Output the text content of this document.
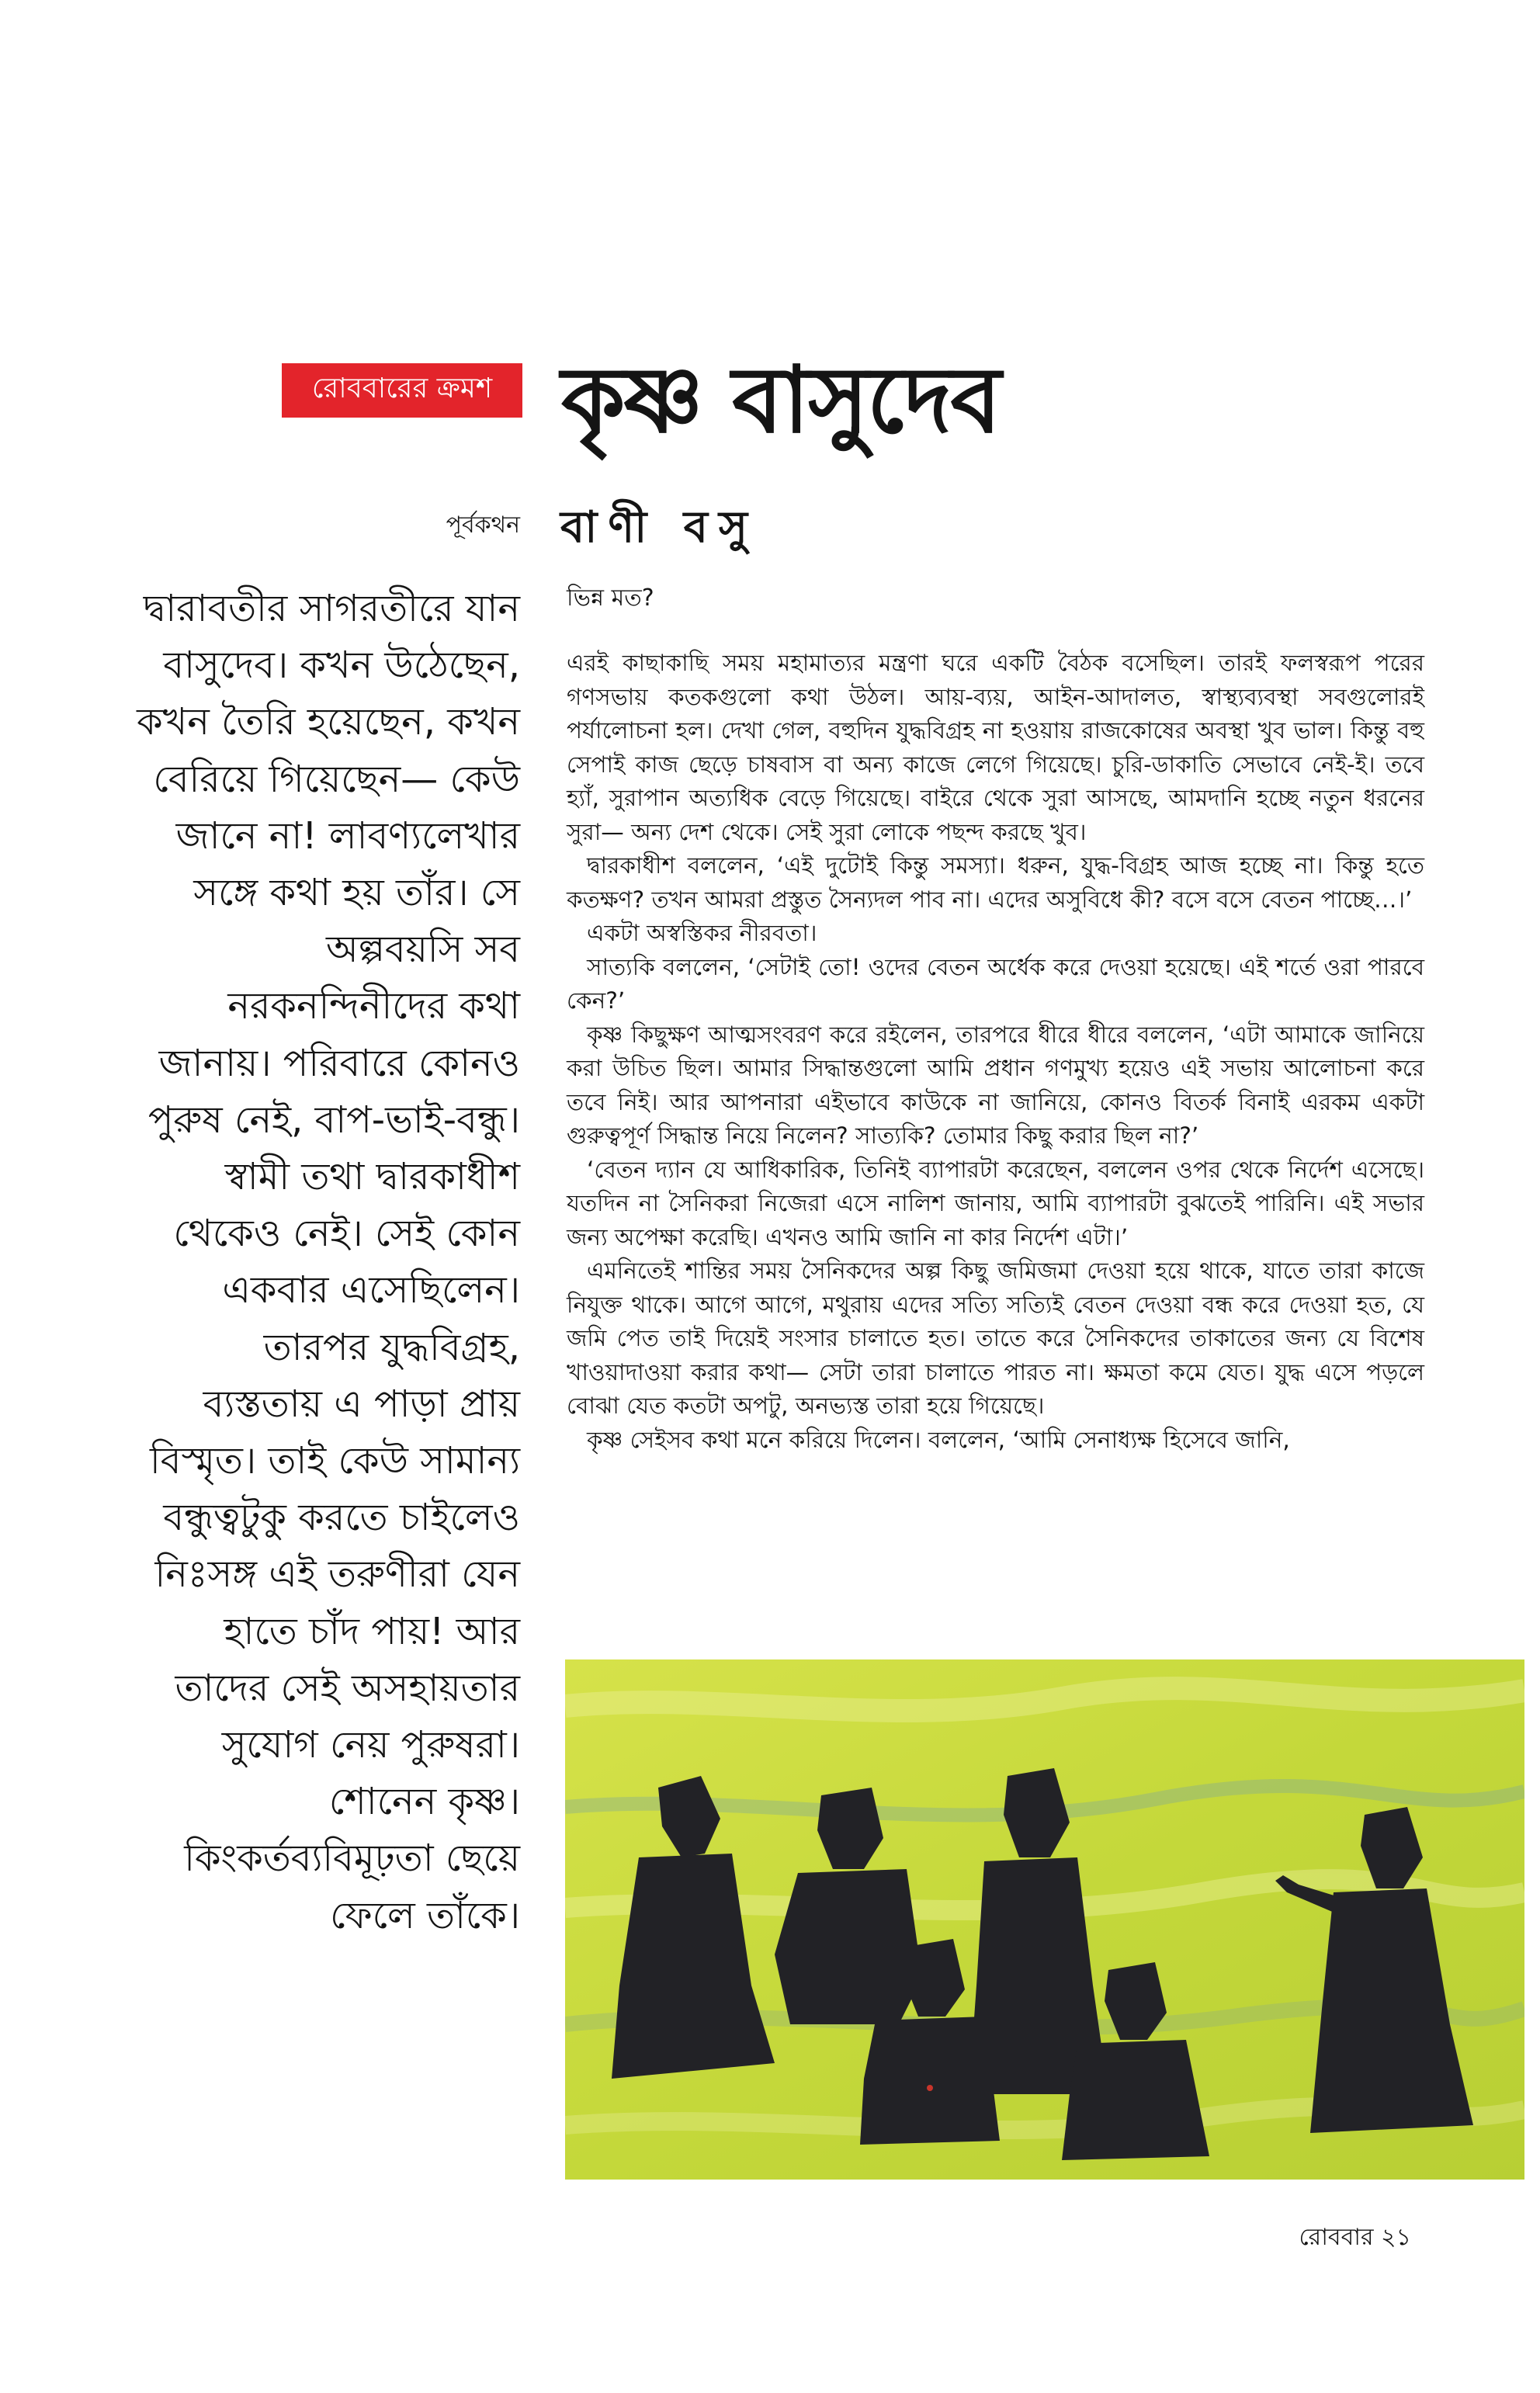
রোববারের ক্রমশ কৃষ্ণ বাসুদেব
পূর্বকথন বাণী বসু
দ্বারাবতীর সাগরতীরে যান বাসুদেব। কখন উঠেছেন, কখন তৈরি হয়েছেন, কখন বেরিয়ে গিয়েছেন— কেউ জানে না! লাবণ্যলেখার সঙ্গে কথা হয় তাঁর। সে অল্পবয়সি সব নরকনন্দিনীদের কথা জানায়। পরিবারে কোনও পুরুষ নেই, বাপ-ভাই-বন্ধু। স্বামী তথা দ্বারকাধীশ থেকেও নেই। সেই কোন একবার এসেছিলেন। তারপর যুদ্ধবিগ্রহ, ব্যস্ততায় এ পাড়া প্রায় বিস্মৃত। তাই কেউ সামান্য বন্ধুত্বটুকু করতে চাইলেও নিঃসঙ্গ এই তরুণীরা যেন হাতে চাঁদ পায়! আর তাদের সেই অসহায়তার সুযোগ নেয় পুরুষরা। শোনেন কৃষ্ণ। কিংকর্তব্যবিমূঢ়তা ছেয়ে ফেলে তাঁকে।
ভিন্ন মত?

এরই কাছাকাছি সময় মহামাত্যর মন্ত্রণা ঘরে একটি বৈঠক বসেছিল। তারই ফলস্বরূপ পরের গণসভায় কতকগুলো কথা উঠল। আয়-ব্যয়, আইন-আদালত, স্বাস্থ্যব্যবস্থা সবগুলোরই পর্যালোচনা হল। দেখা গেল, বহুদিন যুদ্ধবিগ্রহ না হওয়ায় রাজকোষের অবস্থা খুব ভাল। কিন্তু বহু সেপাই কাজ ছেড়ে চাষবাস বা অন্য কাজে লেগে গিয়েছে। চুরি-ডাকাতি সেভাবে নেই-ই। তবে হ্যাঁ, সুরাপান অত্যধিক বেড়ে গিয়েছে। বাইরে থেকে সুরা আসছে, আমদানি হচ্ছে নতুন ধরনের সুরা— অন্য দেশ থেকে। সেই সুরা লোকে পছন্দ করছে খুব।

দ্বারকাধীশ বললেন, ‘এই দুটোই কিন্তু সমস্যা। ধরুন, যুদ্ধ-বিগ্রহ আজ হচ্ছে না। কিন্তু হতে কতক্ষণ? তখন আমরা প্রস্তুত সৈন্যদল পাব না। এদের অসুবিধে কী? বসে বসে বেতন পাচ্ছে…।’

একটা অস্বস্তিকর নীরবতা।

সাত্যকি বললেন, ‘সেটাই তো! ওদের বেতন অর্ধেক করে দেওয়া হয়েছে। এই শর্তে ওরা পারবে কেন?’

কৃষ্ণ কিছুক্ষণ আত্মসংবরণ করে রইলেন, তারপরে ধীরে ধীরে বললেন, ‘এটা আমাকে জানিয়ে করা উচিত ছিল। আমার সিদ্ধান্তগুলো আমি প্রধান গণমুখ্য হয়েও এই সভায় আলোচনা করে তবে নিই। আর আপনারা এইভাবে কাউকে না জানিয়ে, কোনও বিতর্ক বিনাই এরকম একটা গুরুত্বপূর্ণ সিদ্ধান্ত নিয়ে নিলেন? সাত্যকি? তোমার কিছু করার ছিল না?’

‘বেতন দ্যান যে আধিকারিক, তিনিই ব্যাপারটা করেছেন, বললেন ওপর থেকে নির্দেশ এসেছে। যতদিন না সৈনিকরা নিজেরা এসে নালিশ জানায়, আমি ব্যাপারটা বুঝতেই পারিনি। এই সভার জন্য অপেক্ষা করেছি। এখনও আমি জানি না কার নির্দেশ এটা।’

এমনিতেই শান্তির সময় সৈনিকদের অল্প কিছু জমিজমা দেওয়া হয়ে থাকে, যাতে তারা কাজে নিযুক্ত থাকে। আগে আগে, মথুরায় এদের সত্যি সত্যিই বেতন দেওয়া বন্ধ করে দেওয়া হত, যে জমি পেত তাই দিয়েই সংসার চালাতে হত। তাতে করে সৈনিকদের তাকাতের জন্য যে বিশেষ খাওয়াদাওয়া করার কথা— সেটা তারা চালাতে পারত না। ক্ষমতা কমে যেত। যুদ্ধ এসে পড়লে বোঝা যেত কতটা অপটু, অনভ্যস্ত তারা হয়ে গিয়েছে।

কৃষ্ণ সেইসব কথা মনে করিয়ে দিলেন। বললেন, ‘আমি সেনাধ্যক্ষ হিসেবে জানি,

রোববার ২১
